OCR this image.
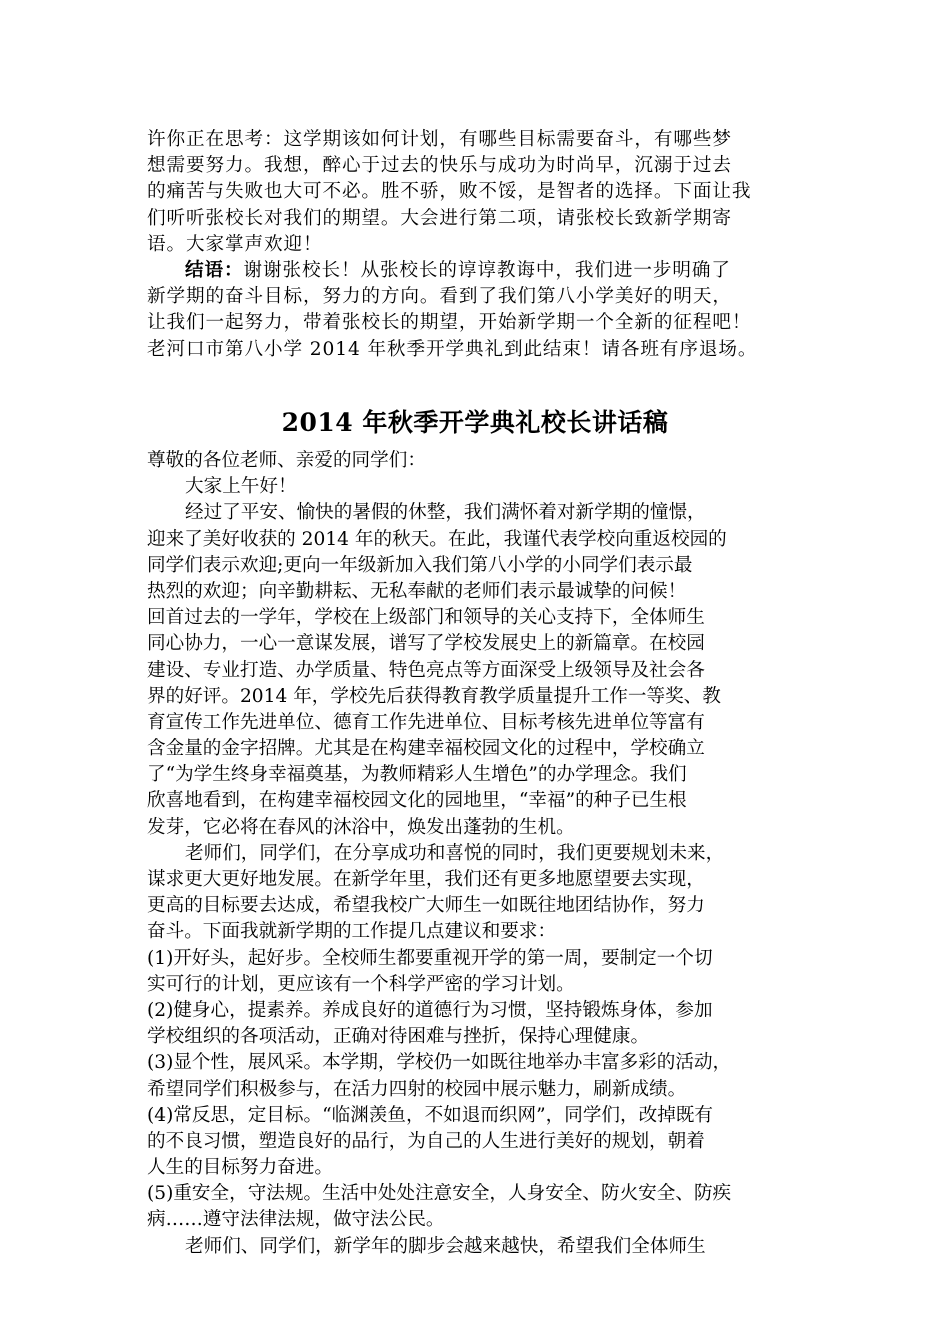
许你正在思考：这学期该如何计划，有哪些目标需要奋斗，有哪些梦
想需要努力。我想，醉心于过去的快乐与成功为时尚早，沉溺于过去
的痛苦与失败也大可不必。胜不骄，败不馁，是智者的选择。下面让我
们听听张校长对我们的期望。大会进行第二项，请张校长致新学期寄
语。大家掌声欢迎！
结语：谢谢张校长！从张校长的谆谆教诲中，我们进一步明确了
新学期的奋斗目标，努力的方向。看到了我们第八小学美好的明天，
让我们一起努力，带着张校长的期望，开始新学期一个全新的征程吧！
老河口市第八小学 2014 年秋季开学典礼到此结束！请各班有序退场。
2014 年秋季开学典礼校长讲话稿
尊敬的各位老师、亲爱的同学们：
大家上午好！
经过了平安、愉快的暑假的休整，我们满怀着对新学期的憧憬，
迎来了美好收获的 2014 年的秋天。在此，我谨代表学校向重返校园的
同学们表示欢迎;更向一年级新加入我们第八小学的小同学们表示最
热烈的欢迎；向辛勤耕耘、无私奉献的老师们表示最诚挚的问候！
回首过去的一学年，学校在上级部门和领导的关心支持下，全体师生
同心协力，一心一意谋发展，谱写了学校发展史上的新篇章。在校园
建设、专业打造、办学质量、特色亮点等方面深受上级领导及社会各
界的好评。2014 年，学校先后获得教育教学质量提升工作一等奖、教
育宣传工作先进单位、德育工作先进单位、目标考核先进单位等富有
含金量的金字招牌。尤其是在构建幸福校园文化的过程中，学校确立
了“为学生终身幸福奠基，为教师精彩人生增色”的办学理念。我们
欣喜地看到，在构建幸福校园文化的园地里，“幸福”的种子已生根
发芽，它必将在春风的沐浴中，焕发出蓬勃的生机。
老师们，同学们，在分享成功和喜悦的同时，我们更要规划未来，
谋求更大更好地发展。在新学年里，我们还有更多地愿望要去实现，
更高的目标要去达成，希望我校广大师生一如既往地团结协作，努力
奋斗。下面我就新学期的工作提几点建议和要求：
(1)开好头，起好步。全校师生都要重视开学的第一周，要制定一个切
实可行的计划，更应该有一个科学严密的学习计划。
(2)健身心，提素养。养成良好的道德行为习惯，坚持锻炼身体，参加
学校组织的各项活动，正确对待困难与挫折，保持心理健康。
(3)显个性，展风采。本学期，学校仍一如既往地举办丰富多彩的活动，
希望同学们积极参与，在活力四射的校园中展示魅力，刷新成绩。
(4)常反思，定目标。“临渊羡鱼，不如退而织网”，同学们，改掉既有
的不良习惯，塑造良好的品行，为自己的人生进行美好的规划，朝着
人生的目标努力奋进。
(5)重安全，守法规。生活中处处注意安全，人身安全、防火安全、防疾
病……遵守法律法规，做守法公民。
老师们、同学们，新学年的脚步会越来越快，希望我们全体师生
